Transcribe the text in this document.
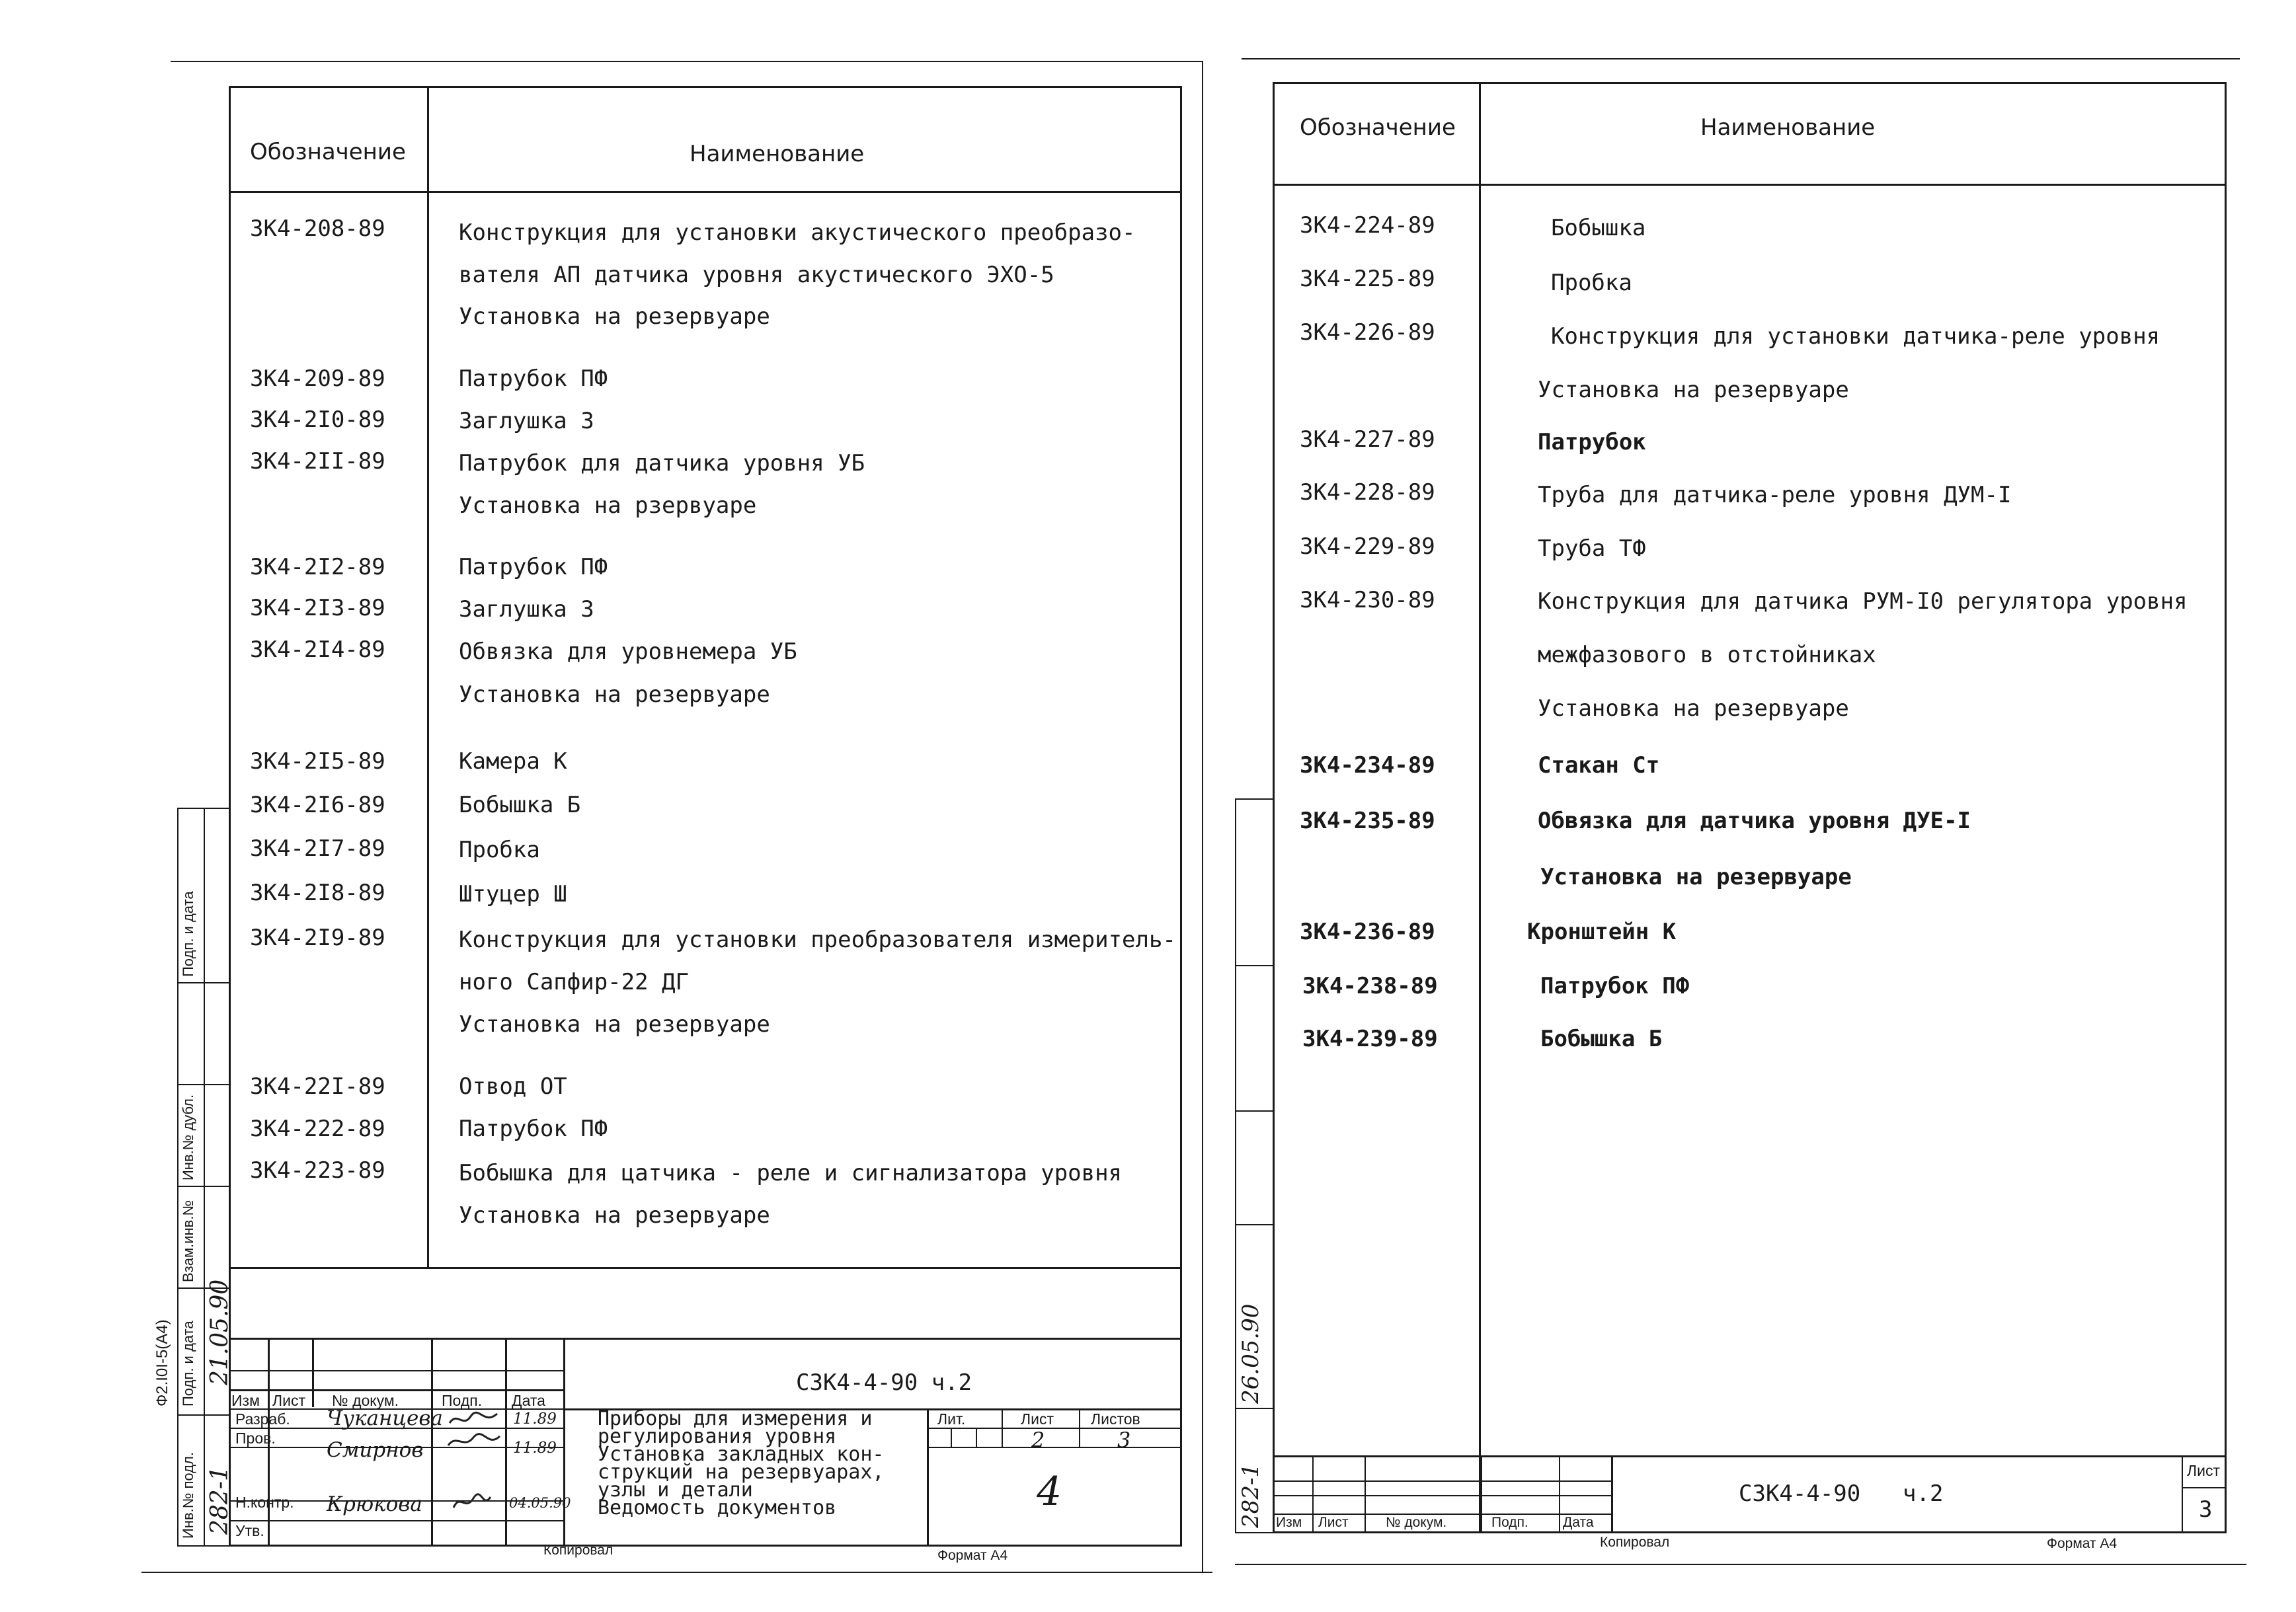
Обозначение	Наименование
ЗК4-208-89	Конструкция для установки акустического преобразо-
вателя АП датчика уровня акустического ЭХО-5
Установка на резервуаре
ЗК4-209-89	Патрубок ПФ
ЗК4-2I0-89	Заглушка З
ЗК4-2II-89	Патрубок для датчика уровня УБ
Установка на рзервуаре
ЗК4-2I2-89	Патрубок ПФ
ЗК4-2I3-89	Заглушка З
ЗК4-2I4-89	Обвязка для уровнемера УБ
Установка на резервуаре
ЗК4-2I5-89	Камера К
ЗК4-2I6-89	Бобышка Б
ЗК4-2I7-89	Пробка
ЗК4-2I8-89	Штуцер Ш
ЗК4-2I9-89	Конструкция для установки преобразователя измеритель-
ного Сапфир-22 ДГ
Установка на резервуаре
ЗК4-22I-89	Отвод ОТ
ЗК4-222-89	Патрубок ПФ
ЗК4-223-89	Бобышка для цатчика - реле и сигнализатора уровня
Установка на резервуаре
СЗК4-4-90 ч.2
Изм Лист № докум.	Подп. Дата
Разраб. Чуканцева	11.89
Пров. Смирнов	11.89
Н.контр. Крюкова	04.05.90
Утв.
Приборы для измерения и
регулирования уровня
Установка закладных кон-
струкций на резервуарах,
узлы и детали
Ведомость документов
Лит.	Лист Листов
2	3
4
Копировал	Формат А4
Инв.№ подл.
Подп. и дата
Взам.инв.№
Инв.№ дубл.
Подп. и дата
282-1
21.05.90
Ф2.I0I-5(А4)
Обозначение	Наименование
ЗК4-224-89	Бобышка
ЗК4-225-89	Пробка
ЗК4-226-89	Конструкция для установки датчика-реле уровня
Установка на резервуаре
ЗК4-227-89	Патрубок
ЗК4-228-89	Труба для датчика-реле уровня ДУМ-I
ЗК4-229-89	Труба ТФ
ЗК4-230-89	Конструкция для датчика РУМ-I0 регулятора уровня
межфазового в отстойниках
Установка на резервуаре
ЗК4-234-89	Стакан Ст
ЗК4-235-89	Обвязка для датчика уровня ДУЕ-I
Установка на резервуаре
ЗК4-236-89	Кронштейн К
ЗК4-238-89	Патрубок ПФ
ЗК4-239-89	Бобышка Б
Изм Лист	№ докум.	Подп. Дата
СЗК4-4-90 ч.2
Лист
3
Копировал	Формат А4
282-1
26.05.90
